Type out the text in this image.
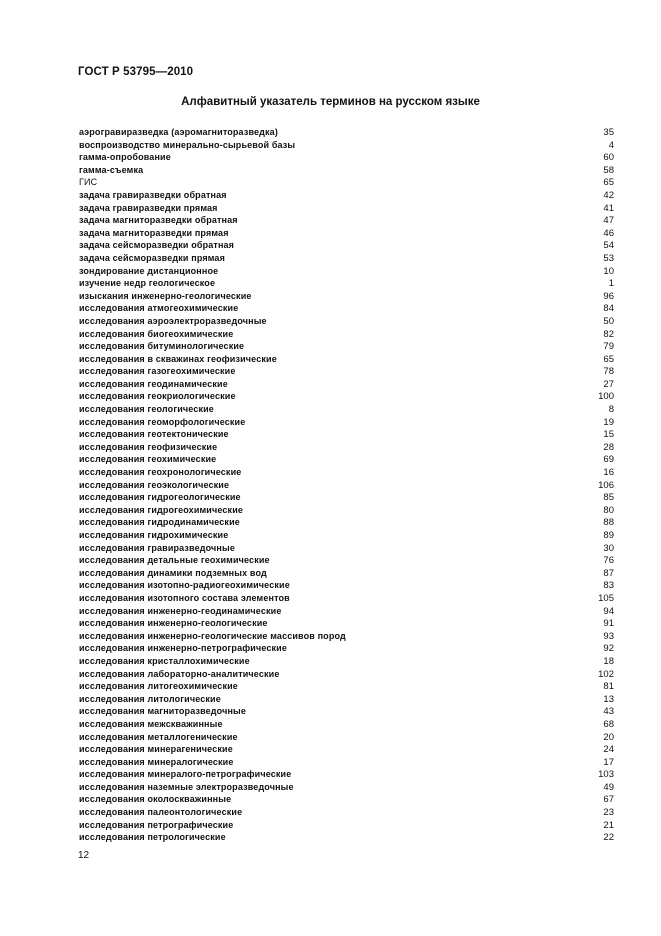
ГОСТ Р 53795—2010
Алфавитный указатель терминов на русском языке
аэрогравиразведка (аэромагниторазведка)	35
воспроизводство минерально-сырьевой базы	4
гамма-опробование	60
гамма-съемка	58
ГИС	65
задача гравиразведки обратная	42
задача гравиразведки прямая	41
задача магниторазведки обратная	47
задача магниторазведки прямая	46
задача сейсморазведки обратная	54
задача сейсморазведки прямая	53
зондирование дистанционное	10
изучение недр геологическое	1
изыскания инженерно-геологические	96
исследования атмогеохимические	84
исследования аэроэлектроразведочные	50
исследования биогеохимические	82
исследования битуминологические	79
исследования в скважинах геофизические	65
исследования газогеохимические	78
исследования геодинамические	27
исследования геокриологические	100
исследования геологические	8
исследования геоморфологические	19
исследования геотектонические	15
исследования геофизические	28
исследования геохимические	69
исследования геохронологические	16
исследования геоэкологические	106
исследования гидрогеологические	85
исследования гидрогеохимические	80
исследования гидродинамические	88
исследования гидрохимические	89
исследования гравиразведочные	30
исследования детальные геохимические	76
исследования динамики подземных вод	87
исследования изотопно-радиогеохимические	83
исследования изотопного состава элементов	105
исследования инженерно-геодинамические	94
исследования инженерно-геологические	91
исследования инженерно-геологические массивов пород	93
исследования инженерно-петрографические	92
исследования кристаллохимические	18
исследования лабораторно-аналитические	102
исследования литогеохимические	81
исследования литологические	13
исследования магниторазведочные	43
исследования межскважинные	68
исследования металлогенические	20
исследования минерагенические	24
исследования минералогические	17
исследования минералого-петрографические	103
исследования наземные электроразведочные	49
исследования околоскважинные	67
исследования палеонтологические	23
исследования петрографические	21
исследования петрологические	22
12
